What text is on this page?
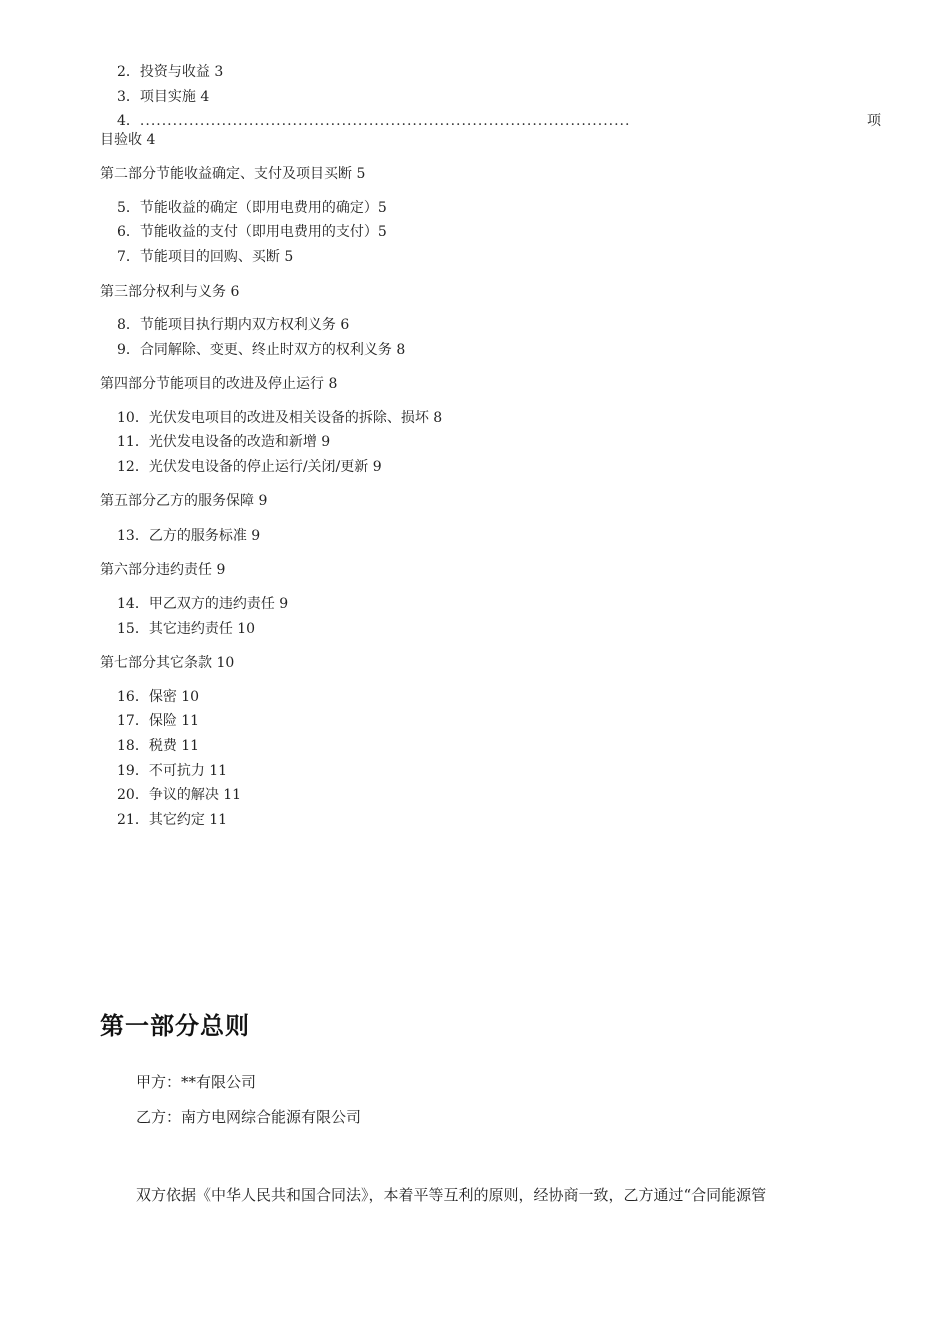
2．投资与收益 3
3．项目实施 4
4． ..........................................................................................	项
目验收 4
第二部分节能收益确定、支付及项目买断 5
5．节能收益的确定（即用电费用的确定）5
6．节能收益的支付（即用电费用的支付）5
7．节能项目的回购、买断 5
第三部分权利与义务 6
8．节能项目执行期内双方权利义务 6
9．合同解除、变更、终止时双方的权利义务 8
第四部分节能项目的改进及停止运行 8
10．光伏发电项目的改进及相关设备的拆除、损坏 8
11．光伏发电设备的改造和新增 9
12．光伏发电设备的停止运行/关闭/更新 9
第五部分乙方的服务保障 9
13．乙方的服务标准 9
第六部分违约责任 9
14．甲乙双方的违约责任 9
15．其它违约责任 10
第七部分其它条款 10
16．保密 10
17．保险 11
18．税费 11
19．不可抗力 11
20．争议的解决 11
21．其它约定 11
第一部分总则
甲方：**有限公司
乙方：南方电网综合能源有限公司
双方依据《中华人民共和国合同法》，本着平等互利的原则，经协商一致，乙方通过“合同能源管
